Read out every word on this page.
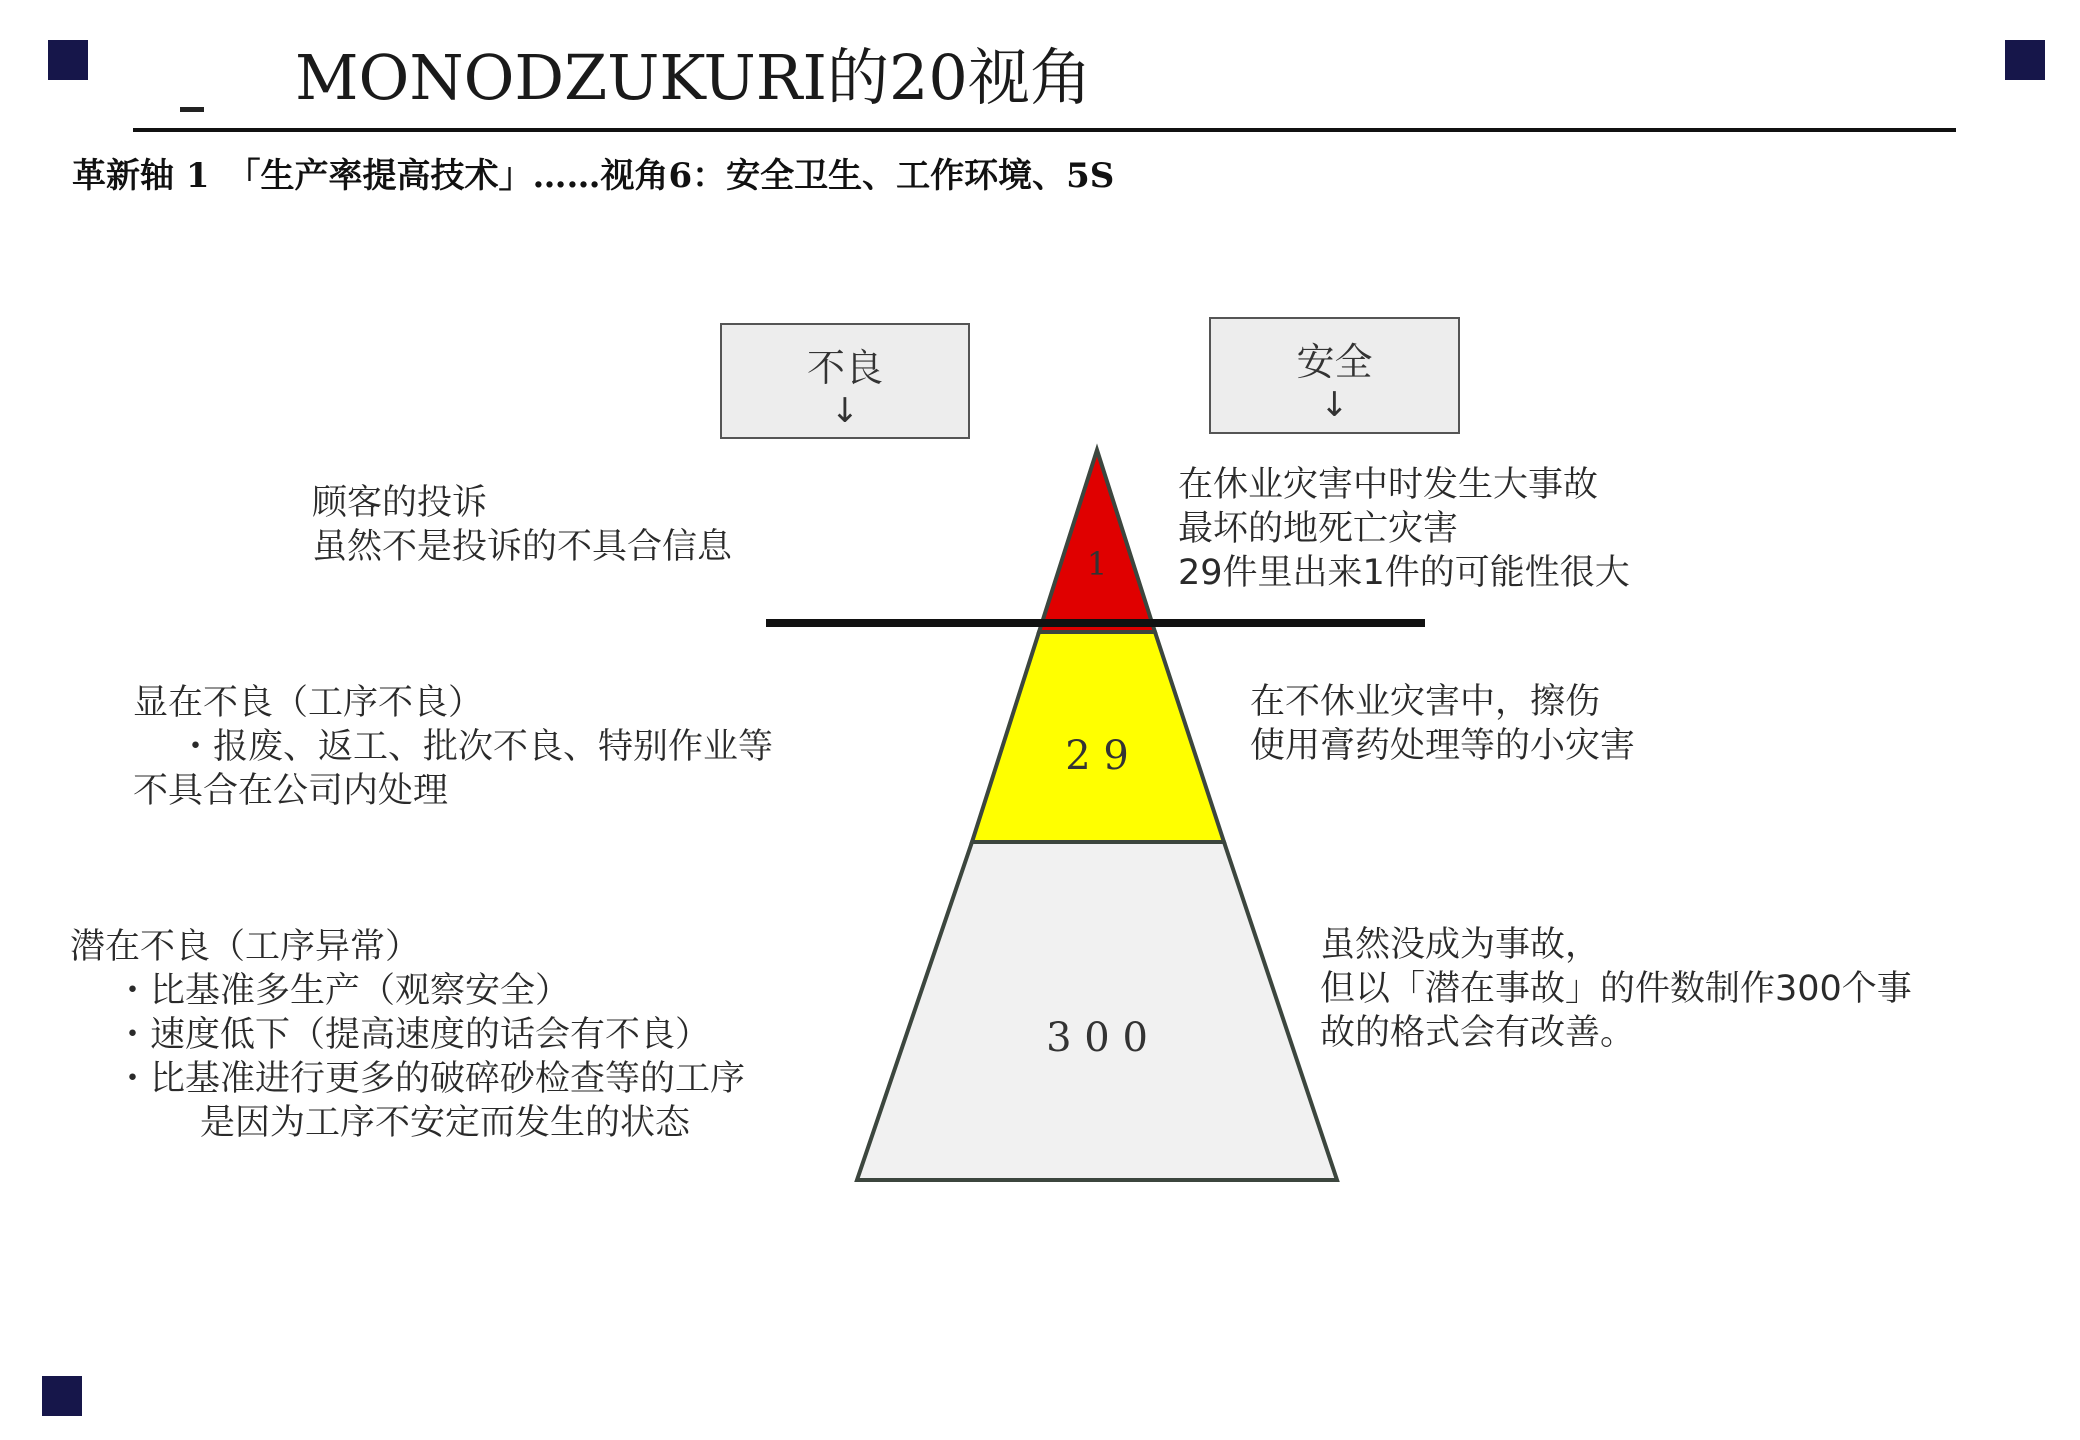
MONODZUKURI的20视角
革新轴 1　「生产率提高技术」……视角6：安全卫生、工作环境、5S
不良
↓
安全
↓
1
2 9
3 0 0
顾客的投诉
虽然不是投诉的不具合信息
显在不良（工序不良）
・报废、返工、批次不良、特别作业等
不具合在公司内处理
潜在不良（工序异常）
・比基准多生产（观察安全）
・速度低下（提高速度的话会有不良）
・比基准进行更多的破碎砂检查等的工序
是因为工序不安定而发生的状态
在休业灾害中时发生大事故
最坏的地死亡灾害
29件里出来1件的可能性很大
在不休业灾害中，擦伤
使用膏药处理等的小灾害
虽然没成为事故，
但以「潜在事故」的件数制作300个事
故的格式会有改善。
